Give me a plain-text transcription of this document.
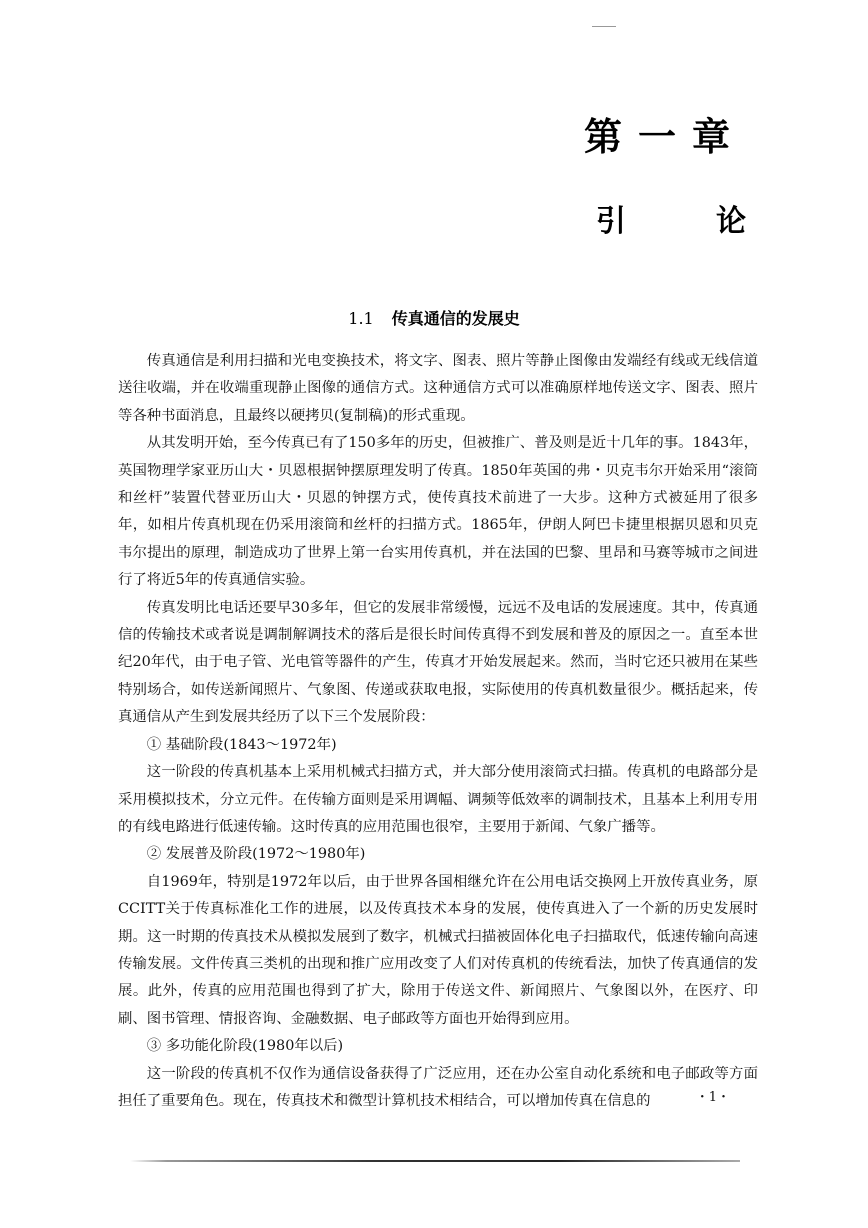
第一章
引	论
1.1 传真通信的发展史

传真通信是利用扫描和光电变换技术，将文字、图表、照片等静止图像由发端经有线或无线信道送往收端，并在收端重现静止图像的通信方式。这种通信方式可以准确原样地传送文字、图表、照片等各种书面消息，且最终以硬拷贝(复制稿)的形式重现。

从其发明开始，至今传真已有了150多年的历史，但被推广、普及则是近十几年的事。1843年，英国物理学家亚历山大・贝恩根据钟摆原理发明了传真。1850年英国的弗・贝克韦尔开始采用“滚筒和丝杆”装置代替亚历山大・贝恩的钟摆方式，使传真技术前进了一大步。这种方式被延用了很多年，如相片传真机现在仍采用滚筒和丝杆的扫描方式。1865年，伊朗人阿巴卡捷里根据贝恩和贝克韦尔提出的原理，制造成功了世界上第一台实用传真机，并在法国的巴黎、里昂和马赛等城市之间进行了将近5年的传真通信实验。

传真发明比电话还要早30多年，但它的发展非常缓慢，远远不及电话的发展速度。其中，传真通信的传输技术或者说是调制解调技术的落后是很长时间传真得不到发展和普及的原因之一。直至本世纪20年代，由于电子管、光电管等器件的产生，传真才开始发展起来。然而，当时它还只被用在某些特别场合，如传送新闻照片、气象图、传递或获取电报，实际使用的传真机数量很少。概括起来，传真通信从产生到发展共经历了以下三个发展阶段：

① 基础阶段(1843～1972年)

这一阶段的传真机基本上采用机械式扫描方式，并大部分使用滚筒式扫描。传真机的电路部分是采用模拟技术，分立元件。在传输方面则是采用调幅、调频等低效率的调制技术，且基本上利用专用的有线电路进行低速传输。这时传真的应用范围也很窄，主要用于新闻、气象广播等。

② 发展普及阶段(1972～1980年)

自1969年，特别是1972年以后，由于世界各国相继允许在公用电话交换网上开放传真业务，原CCITT关于传真标准化工作的进展，以及传真技术本身的发展，使传真进入了一个新的历史发展时期。这一时期的传真技术从模拟发展到了数字，机械式扫描被固体化电子扫描取代，低速传输向高速传输发展。文件传真三类机的出现和推广应用改变了人们对传真机的传统看法，加快了传真通信的发展。此外，传真的应用范围也得到了扩大，除用于传送文件、新闻照片、气象图以外，在医疗、印刷、图书管理、情报咨询、金融数据、电子邮政等方面也开始得到应用。

③ 多功能化阶段(1980年以后)

这一阶段的传真机不仅作为通信设备获得了广泛应用，还在办公室自动化系统和电子邮政等方面担任了重要角色。现在，传真技术和微型计算机技术相结合，可以增加传真在信息的	・1・
